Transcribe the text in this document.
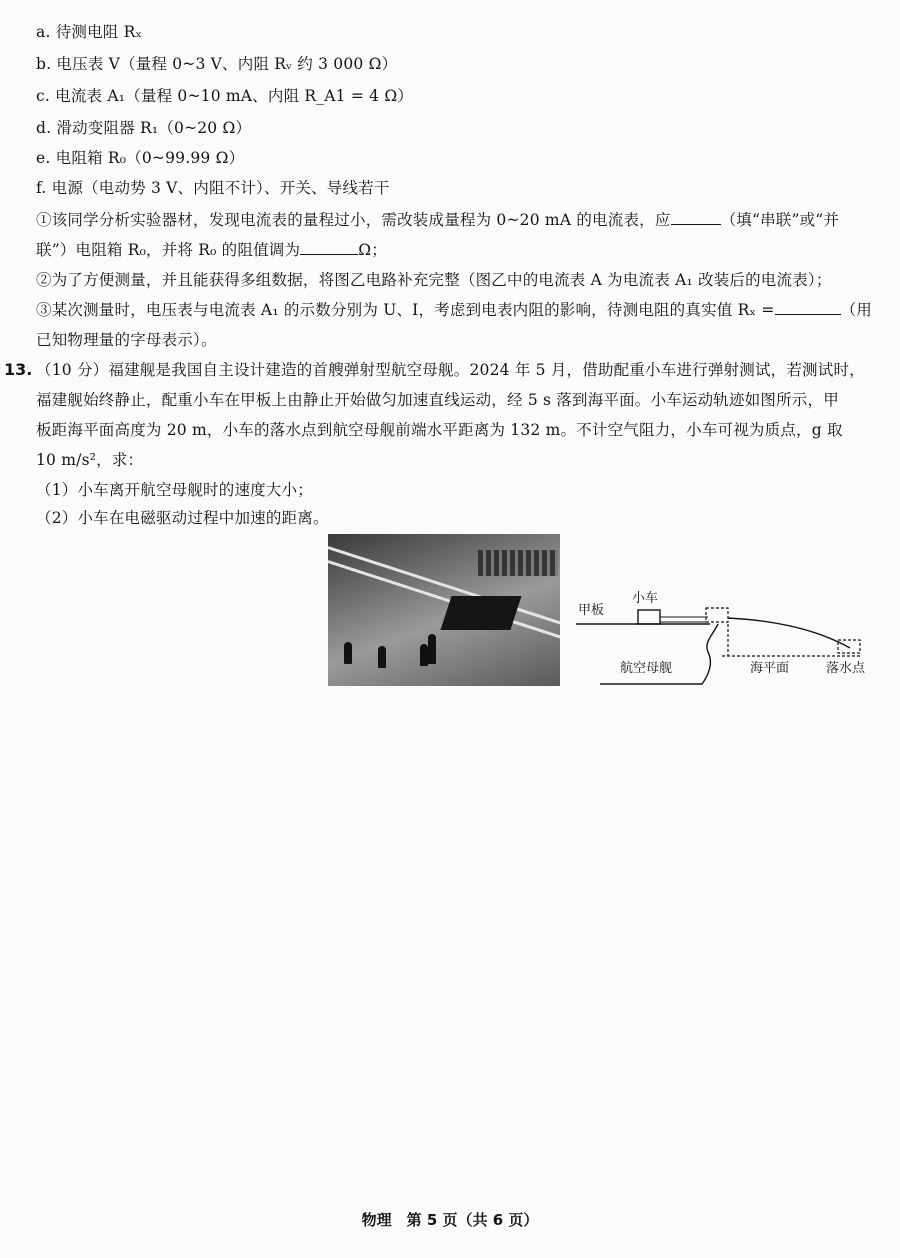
a. 待测电阻 Rₓ
b. 电压表 V（量程 0~3 V、内阻 Rᵥ 约 3 000 Ω）
c. 电流表 A₁（量程 0~10 mA、内阻 R_A1 = 4 Ω）
d. 滑动变阻器 R₁（0~20 Ω）
e. 电阻箱 R₀（0~99.99 Ω）
f. 电源（电动势 3 V、内阻不计）、开关、导线若干
①该同学分析实验器材，发现电流表的量程过小，需改装成量程为 0~20 mA 的电流表，应	（填“串联”或“并
联”）电阻箱 R₀，并将 R₀ 的阻值调为	Ω；
②为了方便测量，并且能获得多组数据，将图乙电路补充完整（图乙中的电流表 A 为电流表 A₁ 改装后的电流表）；
③某次测量时，电压表与电流表 A₁ 的示数分别为 U、I，考虑到电表内阻的影响，待测电阻的真实值 Rₓ =	（用
已知物理量的字母表示）。
13. （10 分）福建舰是我国自主设计建造的首艘弹射型航空母舰。2024 年 5 月，借助配重小车进行弹射测试，若测试时，
福建舰始终静止，配重小车在甲板上由静止开始做匀加速直线运动，经 5 s 落到海平面。小车运动轨迹如图所示，甲
板距海平面高度为 20 m，小车的落水点到航空母舰前端水平距离为 132 m。不计空气阻力，小车可视为质点，g 取
10 m/s²，求：
（1）小车离开航空母舰时的速度大小；
（2）小车在电磁驱动过程中加速的距离。
甲板
小车
海平面	落水点
航空母舰
物理　第 5 页（共 6 页）
